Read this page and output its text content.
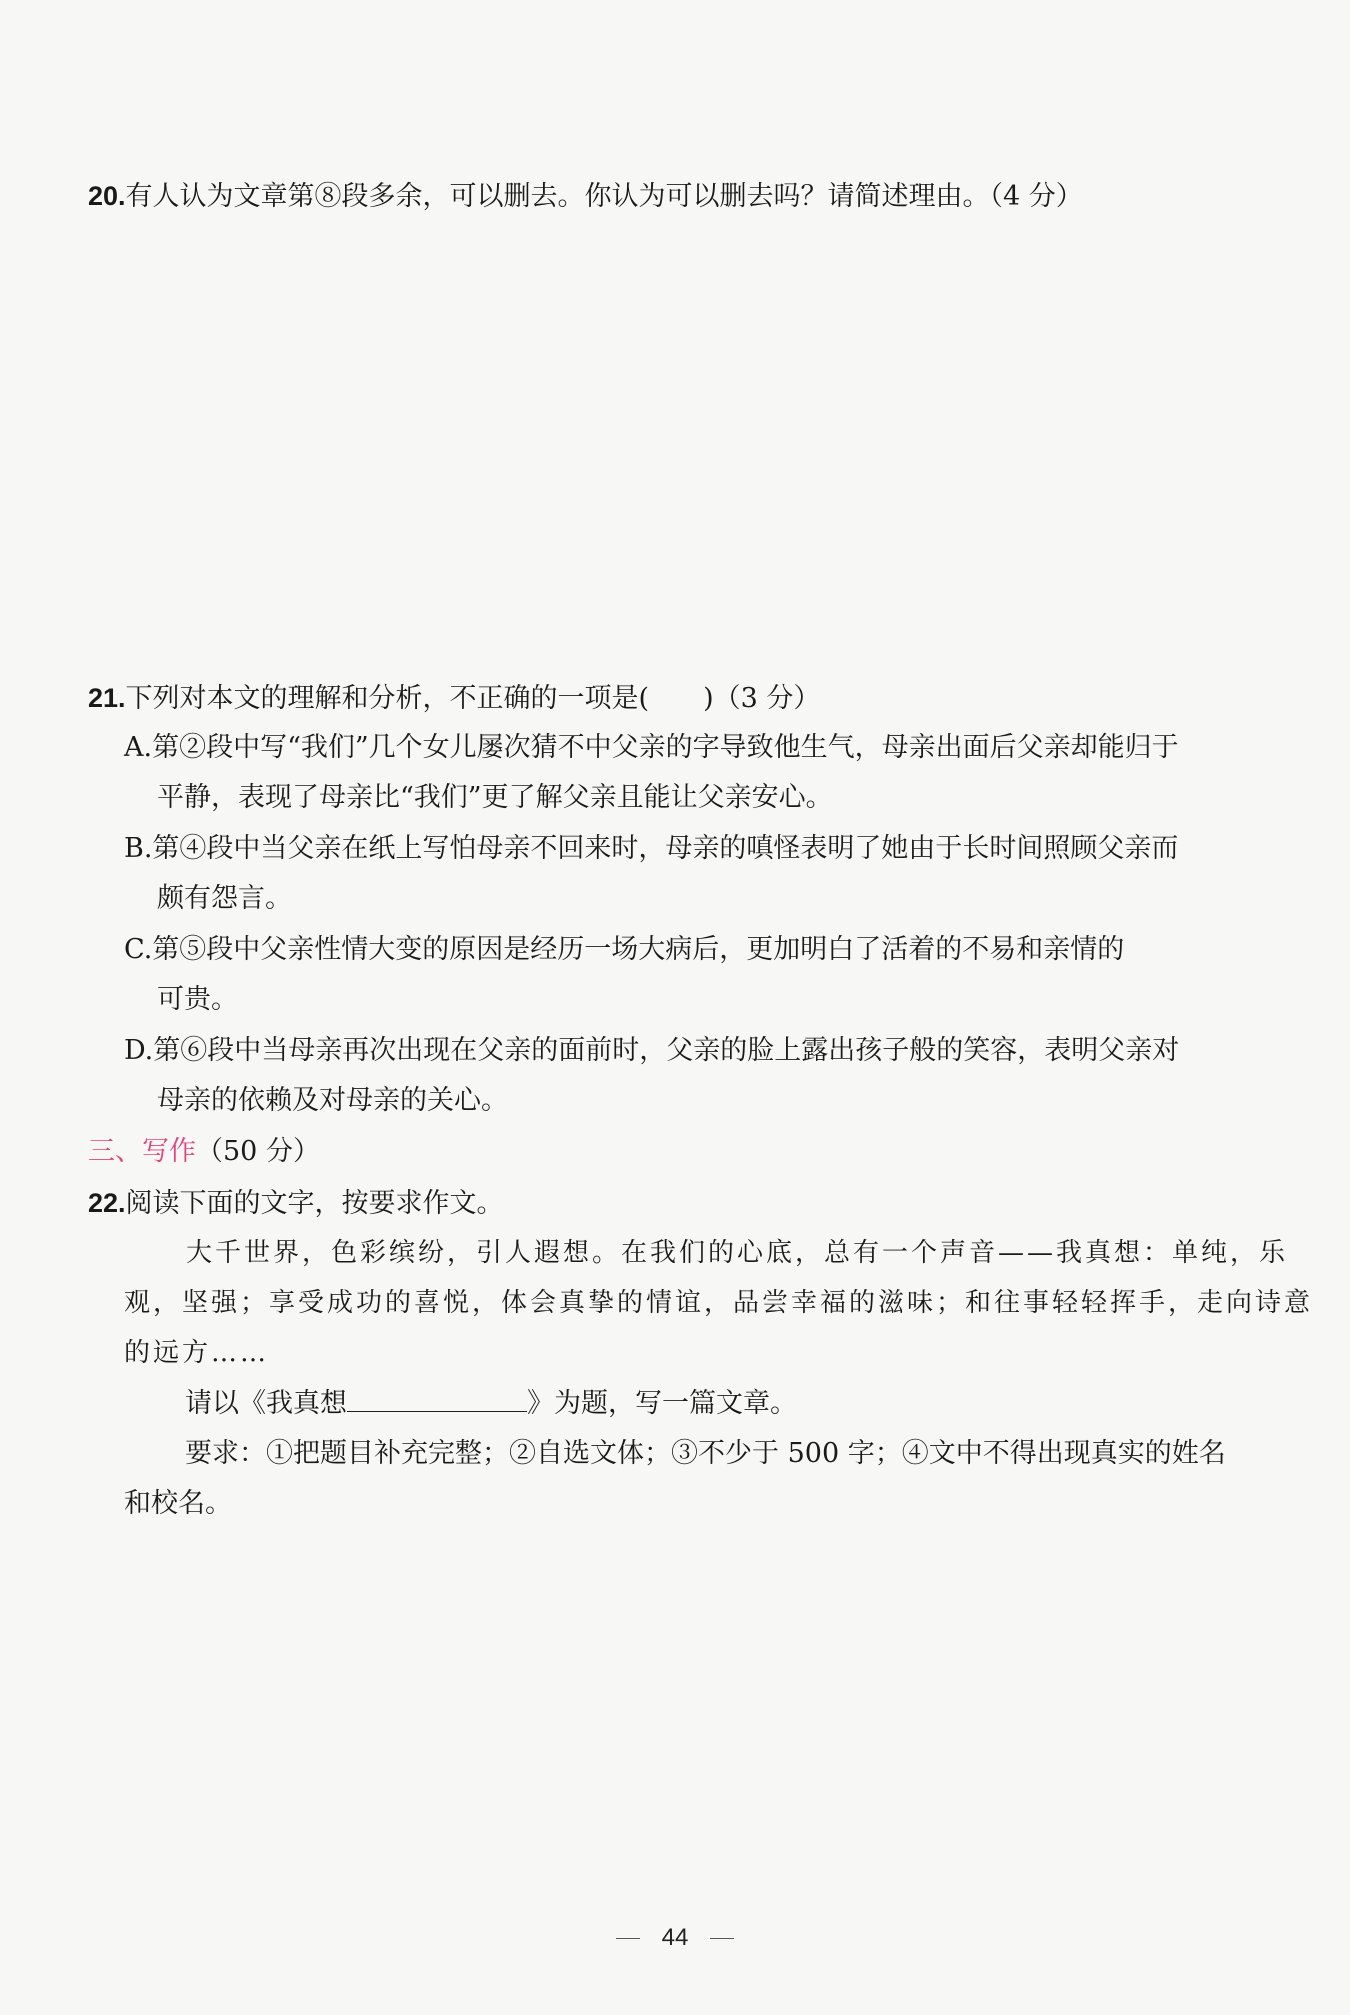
20.有人认为文章第⑧段多余，可以删去。你认为可以删去吗？请简述理由。（4 分）
21.下列对本文的理解和分析，不正确的一项是(　　)（3 分）
A.第②段中写“我们”几个女儿屡次猜不中父亲的字导致他生气，母亲出面后父亲却能归于
平静，表现了母亲比“我们”更了解父亲且能让父亲安心。
B.第④段中当父亲在纸上写怕母亲不回来时，母亲的嗔怪表明了她由于长时间照顾父亲而
颇有怨言。
C.第⑤段中父亲性情大变的原因是经历一场大病后，更加明白了活着的不易和亲情的
可贵。
D.第⑥段中当母亲再次出现在父亲的面前时，父亲的脸上露出孩子般的笑容，表明父亲对
母亲的依赖及对母亲的关心。
三、写作（50 分）
22.阅读下面的文字，按要求作文。
大千世界，色彩缤纷，引人遐想。在我们的心底，总有一个声音——我真想：单纯，乐
观，坚强；享受成功的喜悦，体会真挚的情谊，品尝幸福的滋味；和往事轻轻挥手，走向诗意
的远方……
请以《我真想	》为题，写一篇文章。
要求：①把题目补充完整；②自选文体；③不少于 500 字；④文中不得出现真实的姓名
和校名。
44
